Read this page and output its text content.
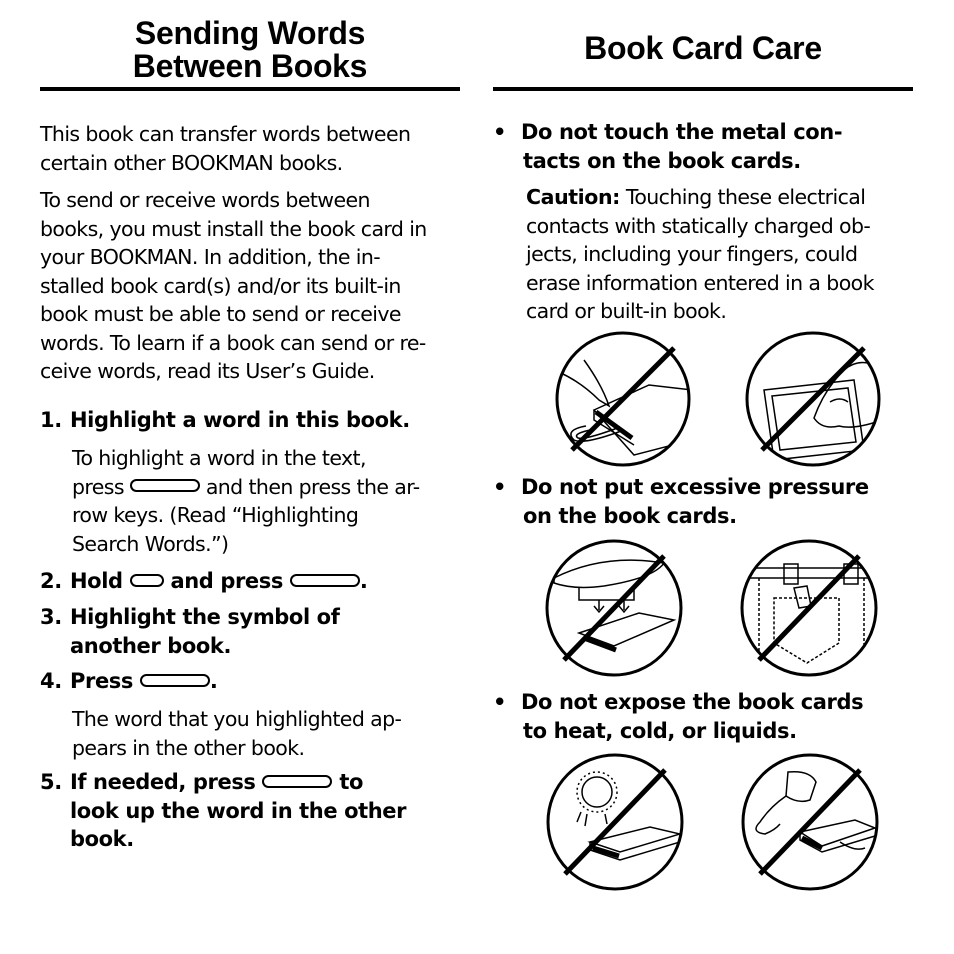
Sending Words
Between Books

This book can transfer words between

certain other BOOKMAN books.

To send or receive words between

books, you must install the book card in

your BOOKMAN. In addition, the in-

stalled book card(s) and/or its built-in

book must be able to send or receive

words. To learn if a book can send or re-

ceive words, read its User’s Guide.

1. Highlight a word in this book.

To highlight a word in the text,

press	and then press the ar-

row keys. (Read “Highlighting

Search Words.”)

2. Hold and press	.

3. Highlight the symbol of

another book.

4. Press	.

The word that you highlighted ap-

pears in the other book.

5. If needed, press	to

look up the word in the other

book.

Book Card Care
• Do not touch the metal con-

tacts on the book cards.

Caution: Touching these electrical

contacts with statically charged ob-

jects, including your fingers, could

erase information entered in a book

card or built-in book.

• Do not put excessive pressure

on the book cards.

• Do not expose the book cards

to heat, cold, or liquids.
